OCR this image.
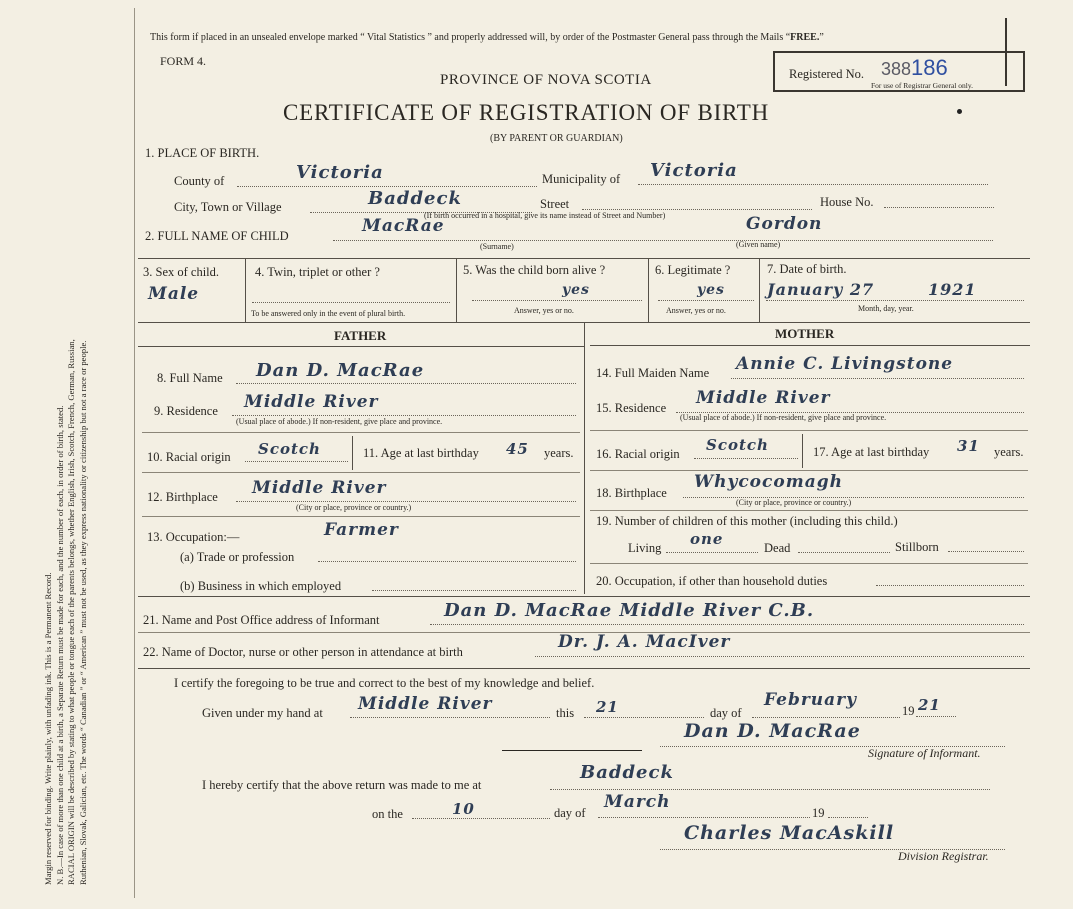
Margin reserved for binding. Write plainly, with unfading ink. This is a Permanent Record. N. B.—In case of more than one child at a birth, a Separate Return must be made for each, and the number of each, in order of birth, stated. RACIAL ORIGIN will be described by stating to what people or tongue each of the parents belongs, whether English, Irish, Scotch, French, German, Russian, Ruthenian, Slovak, Galician, etc. The words “ Canadian ” or “ American ” must not be used, as they express nationality or citizenship but not a race or people.
This form if placed in an unsealed envelope marked “ Vital Statistics ” and properly addressed will, by order of the Postmaster General pass through the Mails “FREE.”
FORM 4.
PROVINCE OF NOVA SCOTIA
CERTIFICATE OF REGISTRATION OF BIRTH
(BY PARENT OR GUARDIAN)
Registered No. 388186
For use of Registrar General only.
1. PLACE OF BIRTH.
County of	Victoria	Municipality of Victoria
City, Town or Village	Baddeck	Street	House No.
(If birth occurred in a hospital, give its name instead of Street and Number)
2. FULL NAME OF CHILD	MacRae	Gordon
(Surname)	(Given name)
3. Sex of child.
Male
4. Twin, triplet or other ?
To be answered only in the event of plural birth.
5. Was the child born alive ?
yes
Answer, yes or no.
6. Legitimate ?
yes
Answer, yes or no.
7. Date of birth.
January 27	1921
Month, day, year.
FATHER	MOTHER
8. Full Name Dan D. MacRae
9. Residence Middle River
(Usual place of abode.) If non-resident, give place and province.
10. Racial origin Scotch	11. Age at last birthday 45 years.
12. Birthplace Middle River
(City or place, province or country.)
13. Occupation:—	Farmer
(a) Trade or profession
(b) Business in which employed
14. Full Maiden Name Annie C. Livingstone
15. Residence Middle River
(Usual place of abode.) If non-resident, give place and province.
16. Racial origin Scotch	17. Age at last birthday 31 years.
18. Birthplace
Whycocomagh
(City or place, province or country.)
19. Number of children of this mother (including this child.)
Living one	Dead	Stillborn
20. Occupation, if other than household duties
21. Name and Post Office address of Informant	Dan D. MacRae Middle River C.B.
22. Name of Doctor, nurse or other person in attendance at birth	Dr. J. A. MacIver
I certify the foregoing to be true and correct to the best of my knowledge and belief.
Given under my hand at Middle River	this 21	day of
February
19 21
Dan D. MacRae
Signature of Informant.
I hereby certify that the above return was made to me at
Baddeck
on the	10	day of
March
19
Charles MacAskill
Division Registrar.
